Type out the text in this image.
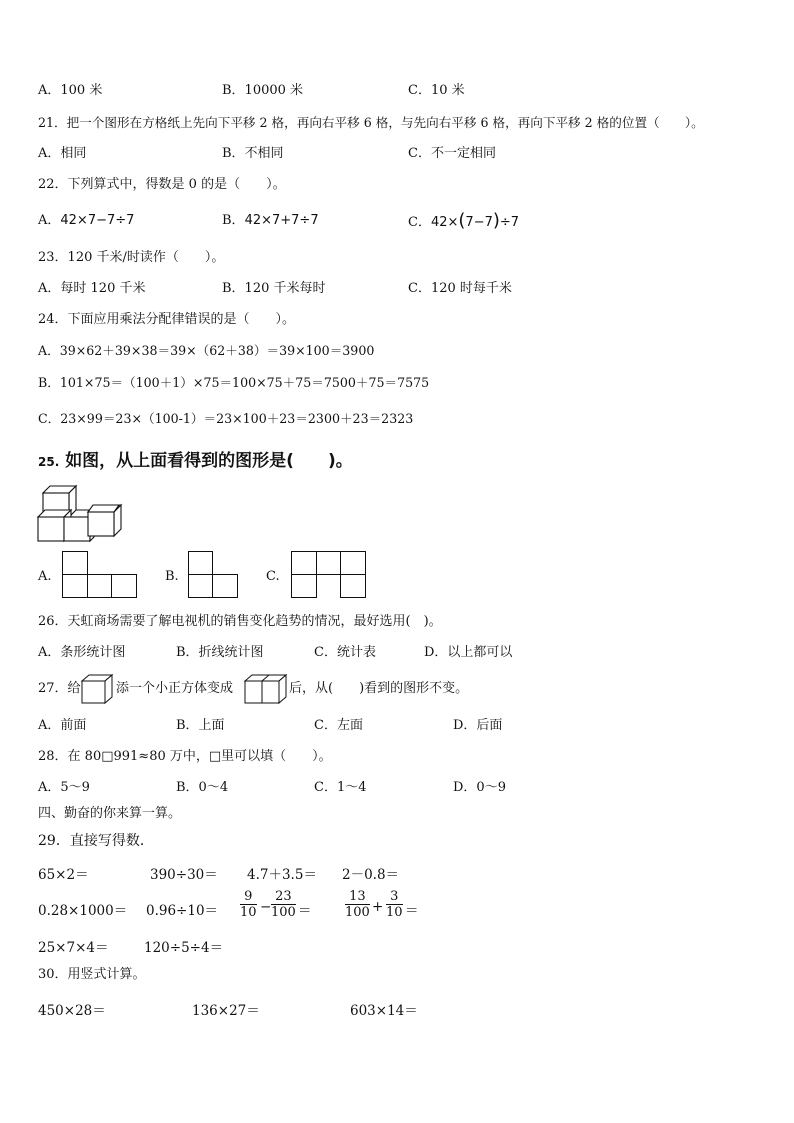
A．100 米	B．10000 米	C．10 米
21．把一个图形在方格纸上先向下平移 2 格，再向右平移 6 格，与先向右平移 6 格，再向下平移 2 格的位置（　　）。
A．相同	B．不相同	C．不一定相同
22．下列算式中，得数是 0 的是（　　）。
A．42×7−7÷7	B．42×7+7÷7	C．42×(7−7)÷7
23．120 千米/时读作（　　）。
A．每时 120 千米	B．120 千米每时	C．120 时每千米
24．下面应用乘法分配律错误的是（　　）。
A．39×62＋39×38＝39×（62＋38）＝39×100＝3900
B．101×75＝（100＋1）×75＝100×75＋75＝7500＋75＝7575
C．23×99＝23×（100-1）＝23×100＋23＝2300＋23＝2323
25. 如图，从上面看得到的图形是(　　)。
A.	B.	C.
26．天虹商场需要了解电视机的销售变化趋势的情况，最好选用(　)。
A．条形统计图	B．折线统计图	C．统计表	D．以上都可以
27．给	添一个小正方体变成	后，从(　　)看到的图形不变。
A．前面	B．上面	C．左面	D．后面
28．在 80□991≈80 万中，□里可以填（　　）。
A．5～9	B．0～4	C．1～4	D．0～9
四、勤奋的你来算一算。
29．直接写得数．
65×2＝	390÷30＝ 4.7＋3.5＝ 2－0.8＝
$0.28\times 1000= 0.96\div 10= \frac{9}{10} - \frac{23}{100}$ ＝	$\frac{13}{100} + \frac{3}{10}$ ＝
25×7×4＝	120÷5÷4＝
30．用竖式计算。
450×28＝	136×27＝	603×14＝
